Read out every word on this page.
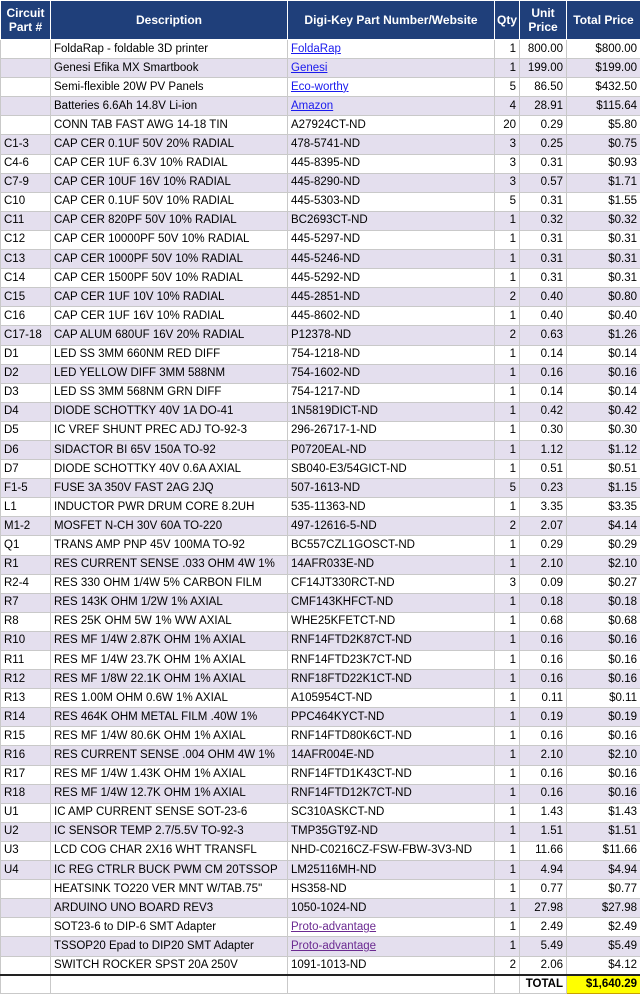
Circuit Part #	Description	Digi-Key Part Number/Website	Qty	Unit Price	Total Price
	FoldaRap - foldable 3D printer	FoldaRap	1	800.00	$800.00
	Genesi Efika MX Smartbook	Genesi	1	199.00	$199.00
	Semi-flexible 20W PV Panels	Eco-worthy	5	86.50	$432.50
	Batteries 6.6Ah 14.8V Li-ion	Amazon	4	28.91	$115.64
	CONN TAB FAST AWG 14-18 TIN	A27924CT-ND	20	0.29	$5.80
C1-3	CAP CER 0.1UF 50V 20% RADIAL	478-5741-ND	3	0.25	$0.75
C4-6	CAP CER 1UF 6.3V 10% RADIAL	445-8395-ND	3	0.31	$0.93
C7-9	CAP CER 10UF 16V 10% RADIAL	445-8290-ND	3	0.57	$1.71
C10	CAP CER 0.1UF 50V 10% RADIAL	445-5303-ND	5	0.31	$1.55
C11	CAP CER 820PF 50V 10% RADIAL	BC2693CT-ND	1	0.32	$0.32
C12	CAP CER 10000PF 50V 10% RADIAL	445-5297-ND	1	0.31	$0.31
C13	CAP CER 1000PF 50V 10% RADIAL	445-5246-ND	1	0.31	$0.31
C14	CAP CER 1500PF 50V 10% RADIAL	445-5292-ND	1	0.31	$0.31
C15	CAP CER 1UF 10V 10% RADIAL	445-2851-ND	2	0.40	$0.80
C16	CAP CER 1UF 16V 10% RADIAL	445-8602-ND	1	0.40	$0.40
C17-18	CAP ALUM 680UF 16V 20% RADIAL	P12378-ND	2	0.63	$1.26
D1	LED SS 3MM 660NM RED DIFF	754-1218-ND	1	0.14	$0.14
D2	LED YELLOW DIFF 3MM 588NM	754-1602-ND	1	0.16	$0.16
D3	LED SS 3MM 568NM GRN DIFF	754-1217-ND	1	0.14	$0.14
D4	DIODE SCHOTTKY 40V 1A DO-41	1N5819DICT-ND	1	0.42	$0.42
D5	IC VREF SHUNT PREC ADJ TO-92-3	296-26717-1-ND	1	0.30	$0.30
D6	SIDACTOR BI 65V 150A TO-92	P0720EAL-ND	1	1.12	$1.12
D7	DIODE SCHOTTKY 40V 0.6A AXIAL	SB040-E3/54GICT-ND	1	0.51	$0.51
F1-5	FUSE 3A 350V FAST 2AG 2JQ	507-1613-ND	5	0.23	$1.15
L1	INDUCTOR PWR DRUM CORE 8.2UH	535-11363-ND	1	3.35	$3.35
M1-2	MOSFET N-CH 30V 60A TO-220	497-12616-5-ND	2	2.07	$4.14
Q1	TRANS AMP PNP 45V 100MA TO-92	BC557CZL1GOSCT-ND	1	0.29	$0.29
R1	RES CURRENT SENSE .033 OHM 4W 1%	14AFR033E-ND	1	2.10	$2.10
R2-4	RES 330 OHM 1/4W 5% CARBON FILM	CF14JT330RCT-ND	3	0.09	$0.27
R7	RES 143K OHM 1/2W 1% AXIAL	CMF143KHFCT-ND	1	0.18	$0.18
R8	RES 25K OHM 5W 1% WW AXIAL	WHE25KFETCT-ND	1	0.68	$0.68
R10	RES MF 1/4W 2.87K OHM 1% AXIAL	RNF14FTD2K87CT-ND	1	0.16	$0.16
R11	RES MF 1/4W 23.7K OHM 1% AXIAL	RNF14FTD23K7CT-ND	1	0.16	$0.16
R12	RES MF 1/8W 22.1K OHM 1% AXIAL	RNF18FTD22K1CT-ND	1	0.16	$0.16
R13	RES 1.00M OHM 0.6W 1% AXIAL	A105954CT-ND	1	0.11	$0.11
R14	RES 464K OHM METAL FILM .40W 1%	PPC464KYCT-ND	1	0.19	$0.19
R15	RES MF 1/4W 80.6K OHM 1% AXIAL	RNF14FTD80K6CT-ND	1	0.16	$0.16
R16	RES CURRENT SENSE .004 OHM 4W 1%	14AFR004E-ND	1	2.10	$2.10
R17	RES MF 1/4W 1.43K OHM 1% AXIAL	RNF14FTD1K43CT-ND	1	0.16	$0.16
R18	RES MF 1/4W 12.7K OHM 1% AXIAL	RNF14FTD12K7CT-ND	1	0.16	$0.16
U1	IC AMP CURRENT SENSE SOT-23-6	SC310ASKCT-ND	1	1.43	$1.43
U2	IC SENSOR TEMP 2.7/5.5V TO-92-3	TMP35GT9Z-ND	1	1.51	$1.51
U3	LCD COG CHAR 2X16 WHT TRANSFL	NHD-C0216CZ-FSW-FBW-3V3-ND	1	11.66	$11.66
U4	IC REG CTRLR BUCK PWM CM 20TSSOP	LM25116MH-ND	1	4.94	$4.94
	HEATSINK TO220 VER MNT W/TAB.75"	HS358-ND	1	0.77	$0.77
	ARDUINO UNO BOARD REV3	1050-1024-ND	1	27.98	$27.98
	SOT23-6 to DIP-6 SMT Adapter	Proto-advantage	1	2.49	$2.49
	TSSOP20 Epad to DIP20 SMT Adapter	Proto-advantage	1	5.49	$5.49
	SWITCH ROCKER SPST 20A 250V	1091-1013-ND	2	2.06	$4.12
				TOTAL	$1,640.29
